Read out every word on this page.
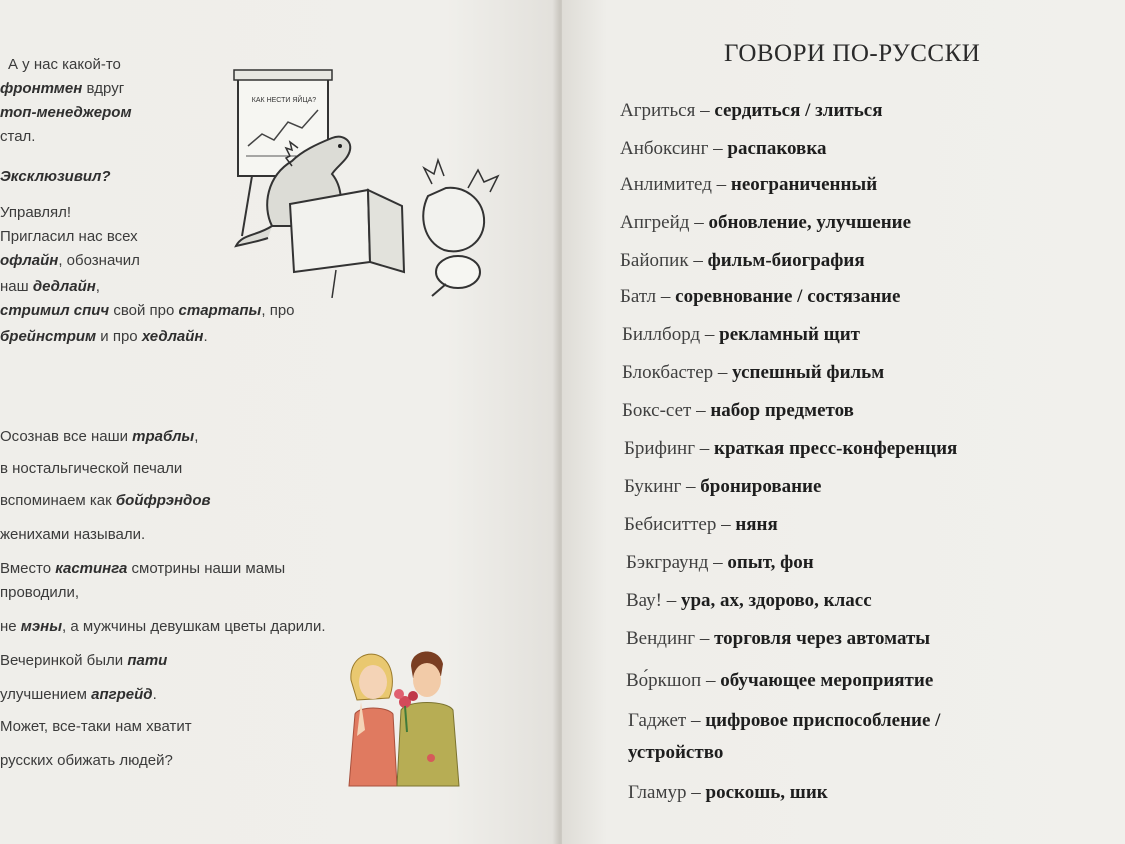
А у нас какой-то
фронтмен вдруг
топ-менеджером
стал.
Эксклюзивил?
Управлял!
Пригласил нас всех
офлайн, обозначил
наш дедлайн,
стримил спич свой про стартапы, про
брейнстрим и про хедлайн.
Осознав все наши траблы,
в ностальгической печали
вспоминаем как бойфрэндов
женихами называли.
Вместо кастинга смотрины наши мамы
проводили,
не мэны, а мужчины девушкам цветы дарили.
Вечеринкой были пати
улучшением апгрейд.
Может, все-таки нам хватит
русских обижать людей?
КАК НЕСТИ ЯЙЦА?
ГОВОРИ ПО-РУССКИ
Агриться – сердиться / злиться
Анбоксинг – распаковка
Анлимитед – неограниченный
Апгрейд – обновление, улучшение
Байопик – фильм-биография
Батл – соревнование / состязание
Биллборд – рекламный щит
Блокбастер – успешный фильм
Бокс-сет – набор предметов
Брифинг – краткая пресс-конференция
Букинг – бронирование
Бебиситтер – няня
Бэкграунд – опыт, фон
Вау! – ура, ах, здорово, класс
Вендинг – торговля через автоматы
Во́ркшоп – обучающее мероприятие
Гаджет – цифровое приспособление /
устройство
Гламур – роскошь, шик
